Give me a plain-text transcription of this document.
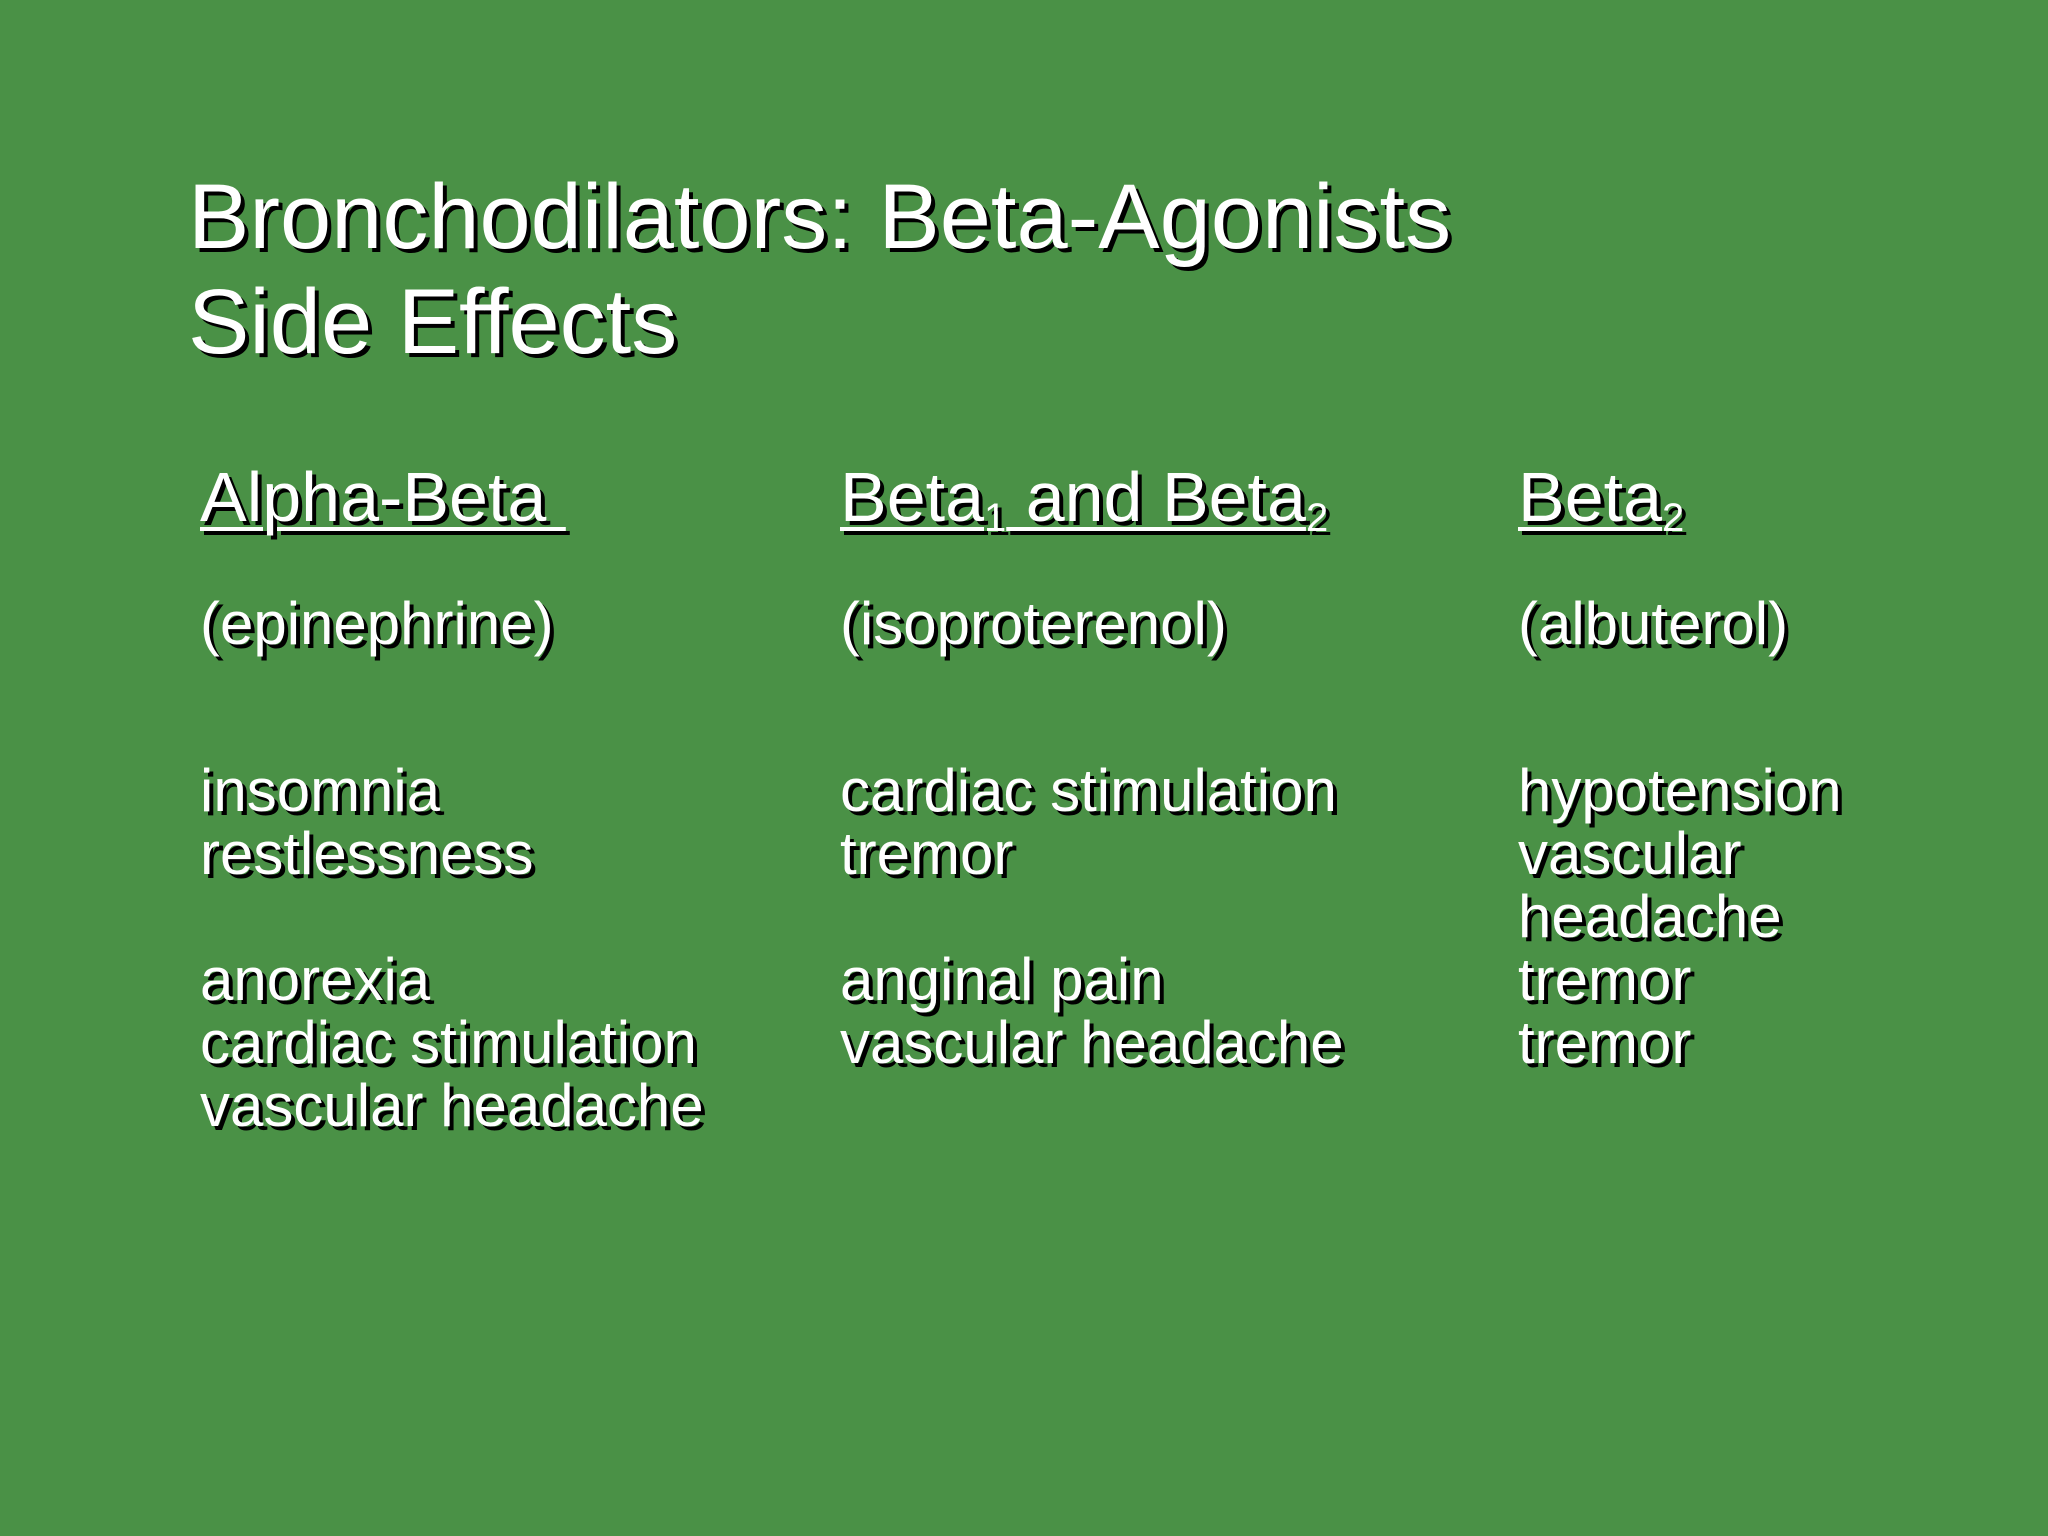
Bronchodilators: Beta-Agonists
Side Effects
Alpha-Beta
(epinephrine)
insomnia
restlessness
anorexia
cardiac stimulation
vascular headache
Beta$_1$ and Beta$_2$
(isoproterenol)
cardiac stimulation
tremor
anginal pain
vascular headache
Beta$_2$
(albuterol)
hypotension
vascular
headache
tremor
tremor
